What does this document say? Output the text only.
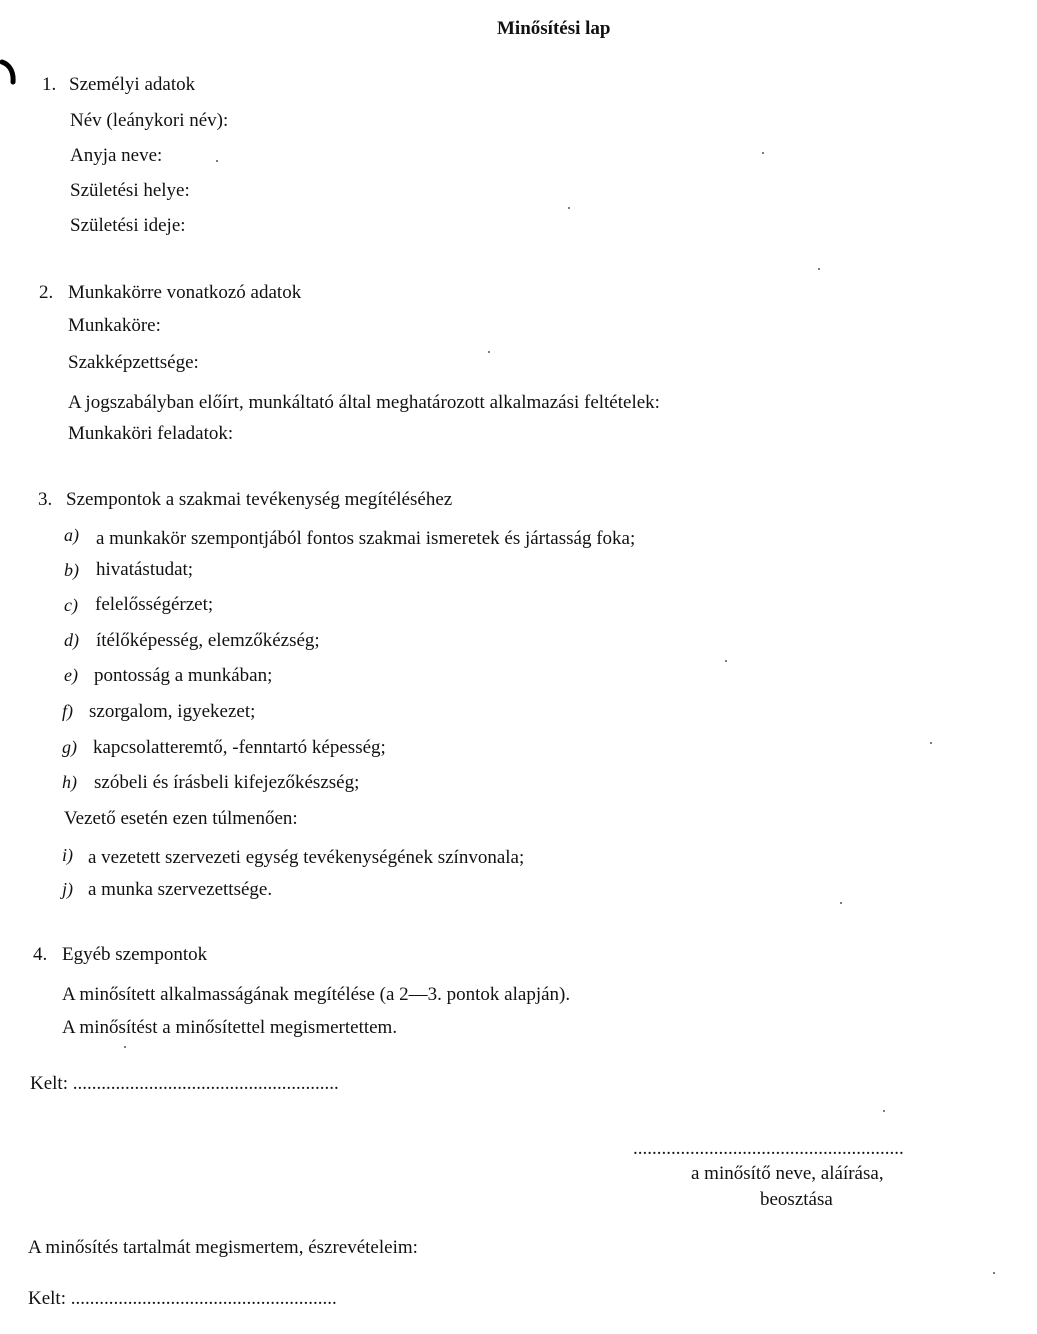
Minősítési lap
1. Személyi adatok
Név (leánykori név):
Anyja neve:
Születési helye:
Születési ideje:
2. Munkakörre vonatkozó adatok
Munkaköre:
Szakképzettsége:
A jogszabályban előírt, munkáltató által meghatározott alkalmazási feltételek:
Munkaköri feladatok:
3. Szempontok a szakmai tevékenység megítéléséhez
a) a munkakör szempontjából fontos szakmai ismeretek és jártasság foka;
b) hivatástudat;
c) felelősségérzet;
d) ítélőképesség, elemzőkézség;
e) pontosság a munkában;
f) szorgalom, igyekezet;
g) kapcsolatteremtő, -fenntartó képesség;
h) szóbeli és írásbeli kifejezőkészség;
Vezető esetén ezen túlmenően:
i) a vezetett szervezeti egység tevékenységének színvonala;
j) a munka szervezettsége.
4. Egyéb szempontok
A minősített alkalmasságának megítélése (a 2—3. pontok alapján).
A minősítést a minősítettel megismertettem.
Kelt: ........................................................
.........................................................
a minősítő neve, aláírása,
beosztása
A minősítés tartalmát megismertem, észrevételeim:
Kelt: ........................................................
